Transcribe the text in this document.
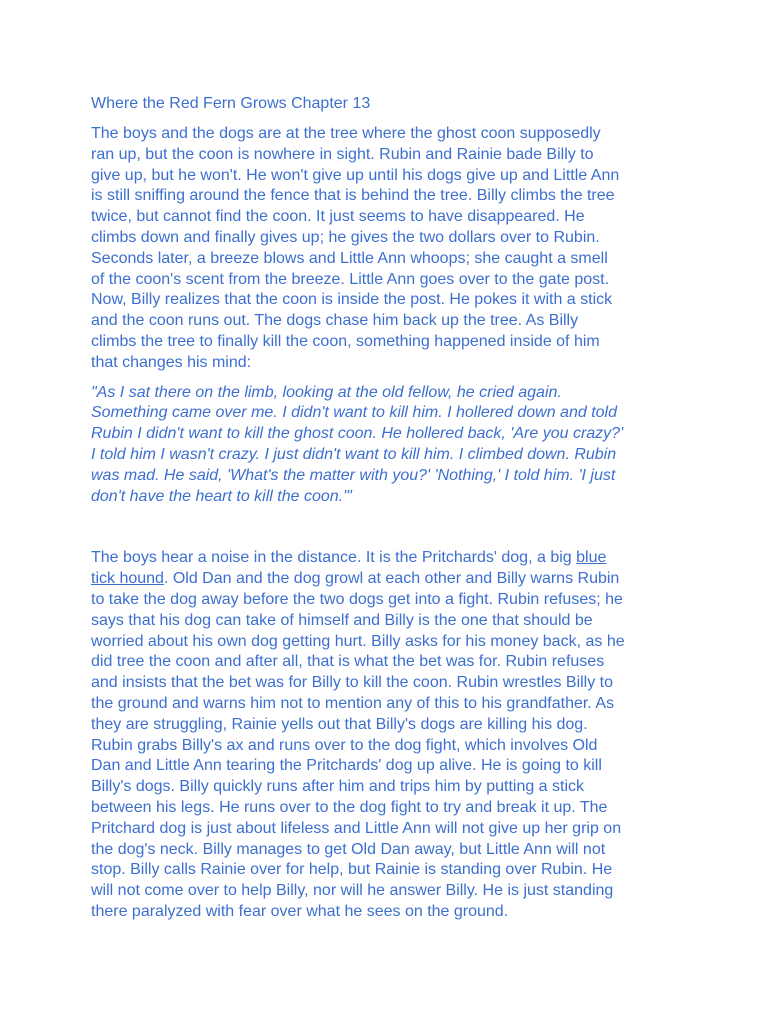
Where the Red Fern Grows Chapter 13

The boys and the dogs are at the tree where the ghost coon supposedly
ran up, but the coon is nowhere in sight. Rubin and Rainie bade Billy to
give up, but he won't. He won't give up until his dogs give up and Little Ann
is still sniffing around the fence that is behind the tree. Billy climbs the tree
twice, but cannot find the coon. It just seems to have disappeared. He
climbs down and finally gives up; he gives the two dollars over to Rubin.
Seconds later, a breeze blows and Little Ann whoops; she caught a smell
of the coon's scent from the breeze. Little Ann goes over to the gate post.
Now, Billy realizes that the coon is inside the post. He pokes it with a stick
and the coon runs out. The dogs chase him back up the tree. As Billy
climbs the tree to finally kill the coon, something happened inside of him
that changes his mind:

"As I sat there on the limb, looking at the old fellow, he cried again.
Something came over me. I didn't want to kill him. I hollered down and told
Rubin I didn't want to kill the ghost coon. He hollered back, 'Are you crazy?'
I told him I wasn't crazy. I just didn't want to kill him. I climbed down. Rubin
was mad. He said, 'What's the matter with you?' 'Nothing,' I told him. 'I just
don't have the heart to kill the coon.'"

The boys hear a noise in the distance. It is the Pritchards' dog, a big blue
tick hound. Old Dan and the dog growl at each other and Billy warns Rubin
to take the dog away before the two dogs get into a fight. Rubin refuses; he
says that his dog can take of himself and Billy is the one that should be
worried about his own dog getting hurt. Billy asks for his money back, as he
did tree the coon and after all, that is what the bet was for. Rubin refuses
and insists that the bet was for Billy to kill the coon. Rubin wrestles Billy to
the ground and warns him not to mention any of this to his grandfather. As
they are struggling, Rainie yells out that Billy's dogs are killing his dog.
Rubin grabs Billy's ax and runs over to the dog fight, which involves Old
Dan and Little Ann tearing the Pritchards' dog up alive. He is going to kill
Billy's dogs. Billy quickly runs after him and trips him by putting a stick
between his legs. He runs over to the dog fight to try and break it up. The
Pritchard dog is just about lifeless and Little Ann will not give up her grip on
the dog's neck. Billy manages to get Old Dan away, but Little Ann will not
stop. Billy calls Rainie over for help, but Rainie is standing over Rubin. He
will not come over to help Billy, nor will he answer Billy. He is just standing
there paralyzed with fear over what he sees on the ground.
